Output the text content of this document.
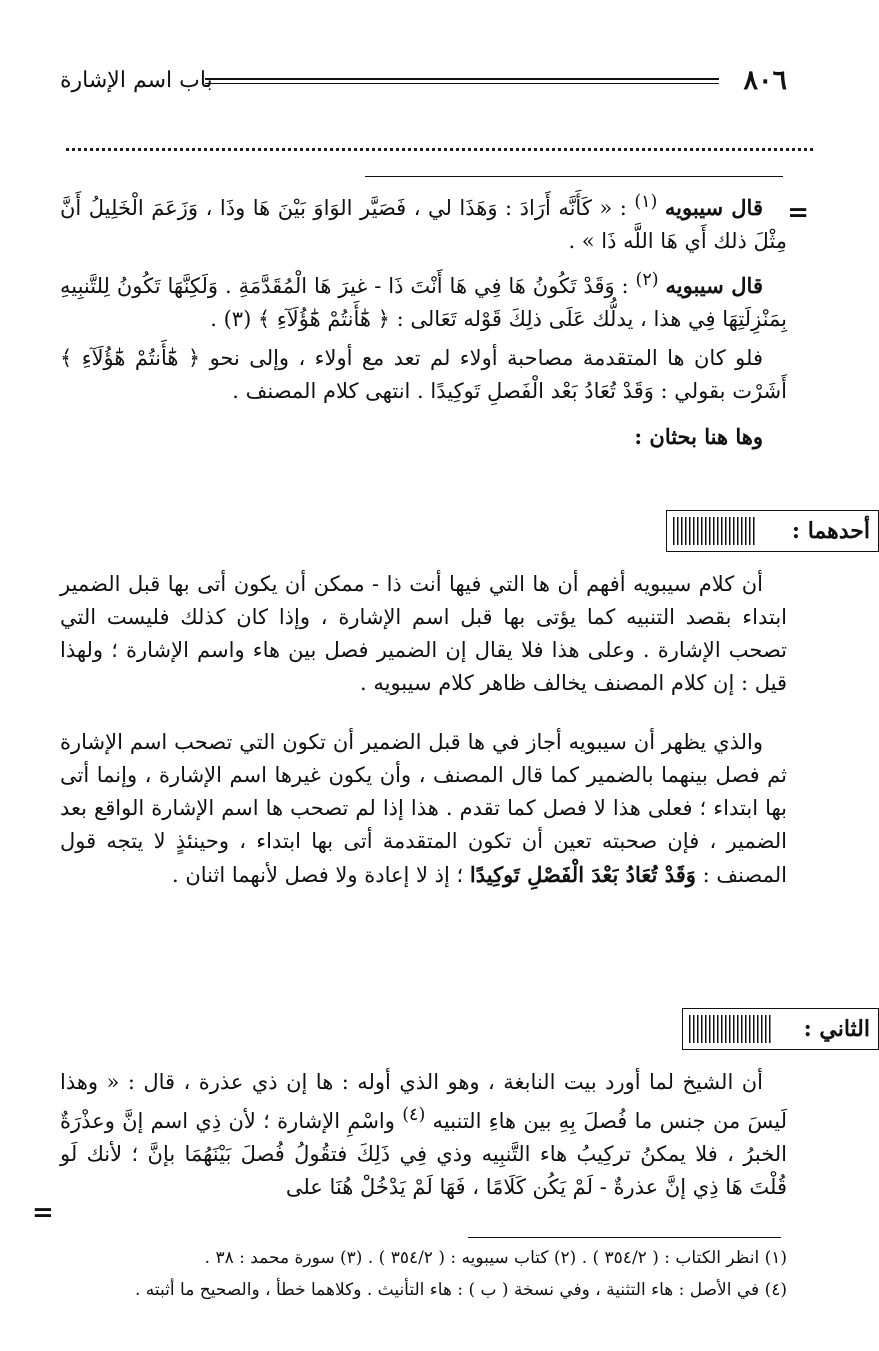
٨٠٦
باب اسم الإشارة
=
قال سيبويه $^{(١)}$ : « كَأَنَّه أَرَادَ : وَهَذَا لي ، فَصَيَّر الوَاوَ بَيْنَ هَا وذَا ، وَزَعَمَ الْخَلِيلُ أَنَّ مِثْلَ ذلك أَي هَا اللَّه ذَا » .
قال سيبويه $^{(٢)}$ : وَقَدْ تَكُونُ هَا فِي هَا أَنْتَ ذَا - غيرَ هَا الْمُقَدَّمَةِ . وَلَكِنَّهَا تَكُونُ لِلتَّنبِيهِ بِمَنْزِلَتِهَا فِي هذا ، يدلُّك عَلَى ذلِكَ قَوْله تَعَالى : ﴿ هَٰٓأَنتُمْ هَٰٓؤُلَآءِ ﴾ (٣) .
فلو كان ها المتقدمة مصاحبة أولاء لم تعد مع أولاء ، وإلى نحو ﴿ هَٰٓأَنتُمْ هَٰٓؤُلَآءِ ﴾ أَشَرْت بقولي : وَقَدْ تُعَادُ بَعْد الْفَصلِ تَوكِيدًا . انتهى كلام المصنف .
وها هنا بحثان :
أحدهما :
أن كلام سيبويه أفهم أن ها التي فيها أنت ذا - ممكن أن يكون أتى بها قبل الضمير ابتداء بقصد التنبيه كما يؤتى بها قبل اسم الإشارة ، وإذا كان كذلك فليست التي تصحب الإشارة . وعلى هذا فلا يقال إن الضمير فصل بين هاء واسم الإشارة ؛ ولهذا قيل : إن كلام المصنف يخالف ظاهر كلام سيبويه .
والذي يظهر أن سيبويه أجاز في ها قبل الضمير أن تكون التي تصحب اسم الإشارة ثم فصل بينهما بالضمير كما قال المصنف ، وأن يكون غيرها اسم الإشارة ، وإنما أتى بها ابتداء ؛ فعلى هذا لا فصل كما تقدم . هذا إذا لم تصحب ها اسم الإشارة الواقع بعد الضمير ، فإن صحبته تعين أن تكون المتقدمة أتى بها ابتداء ، وحينئذٍ لا يتجه قول المصنف : وَقَدْ تُعَادُ بَعْدَ الْفَصْلِ تَوكِيدًا ؛ إذ لا إعادة ولا فصل لأنهما اثنان .
الثاني :
أن الشيخ لما أورد بيت النابغة ، وهو الذي أوله : ها إن ذي عذرة ، قال : « وهذا لَيسَ من جنس ما فُصلَ بِهِ بين هاءِ التنبيه $^{(٤)}$ واسْمِ الإشارة ؛ لأن ذِي اسم إنَّ وعذْرَةٌ الخبرُ ، فلا يمكنُ تركِيبُ هاء التَّنبِيه وذي فِي ذَلِكَ فتقُولُ فُصلَ بَيْنَهُمَا بإنَّ ؛ لأنك لَو قُلْتَ هَا ذِي إنَّ عذرةٌ - لَمْ يَكُن كَلَامًا ، فَهَا لَمْ يَدْخُلْ هُنَا على
=
(١) انظر الكتاب : ( ٣٥٤/٢ ) . (٢) كتاب سيبويه : ( ٣٥٤/٢ ) . (٣) سورة محمد : ٣٨ .
(٤) في الأصل : هاء التثنية ، وفي نسخة ( ب ) : هاء التأنيث . وكلاهما خطأ ، والصحيح ما أثبته .
